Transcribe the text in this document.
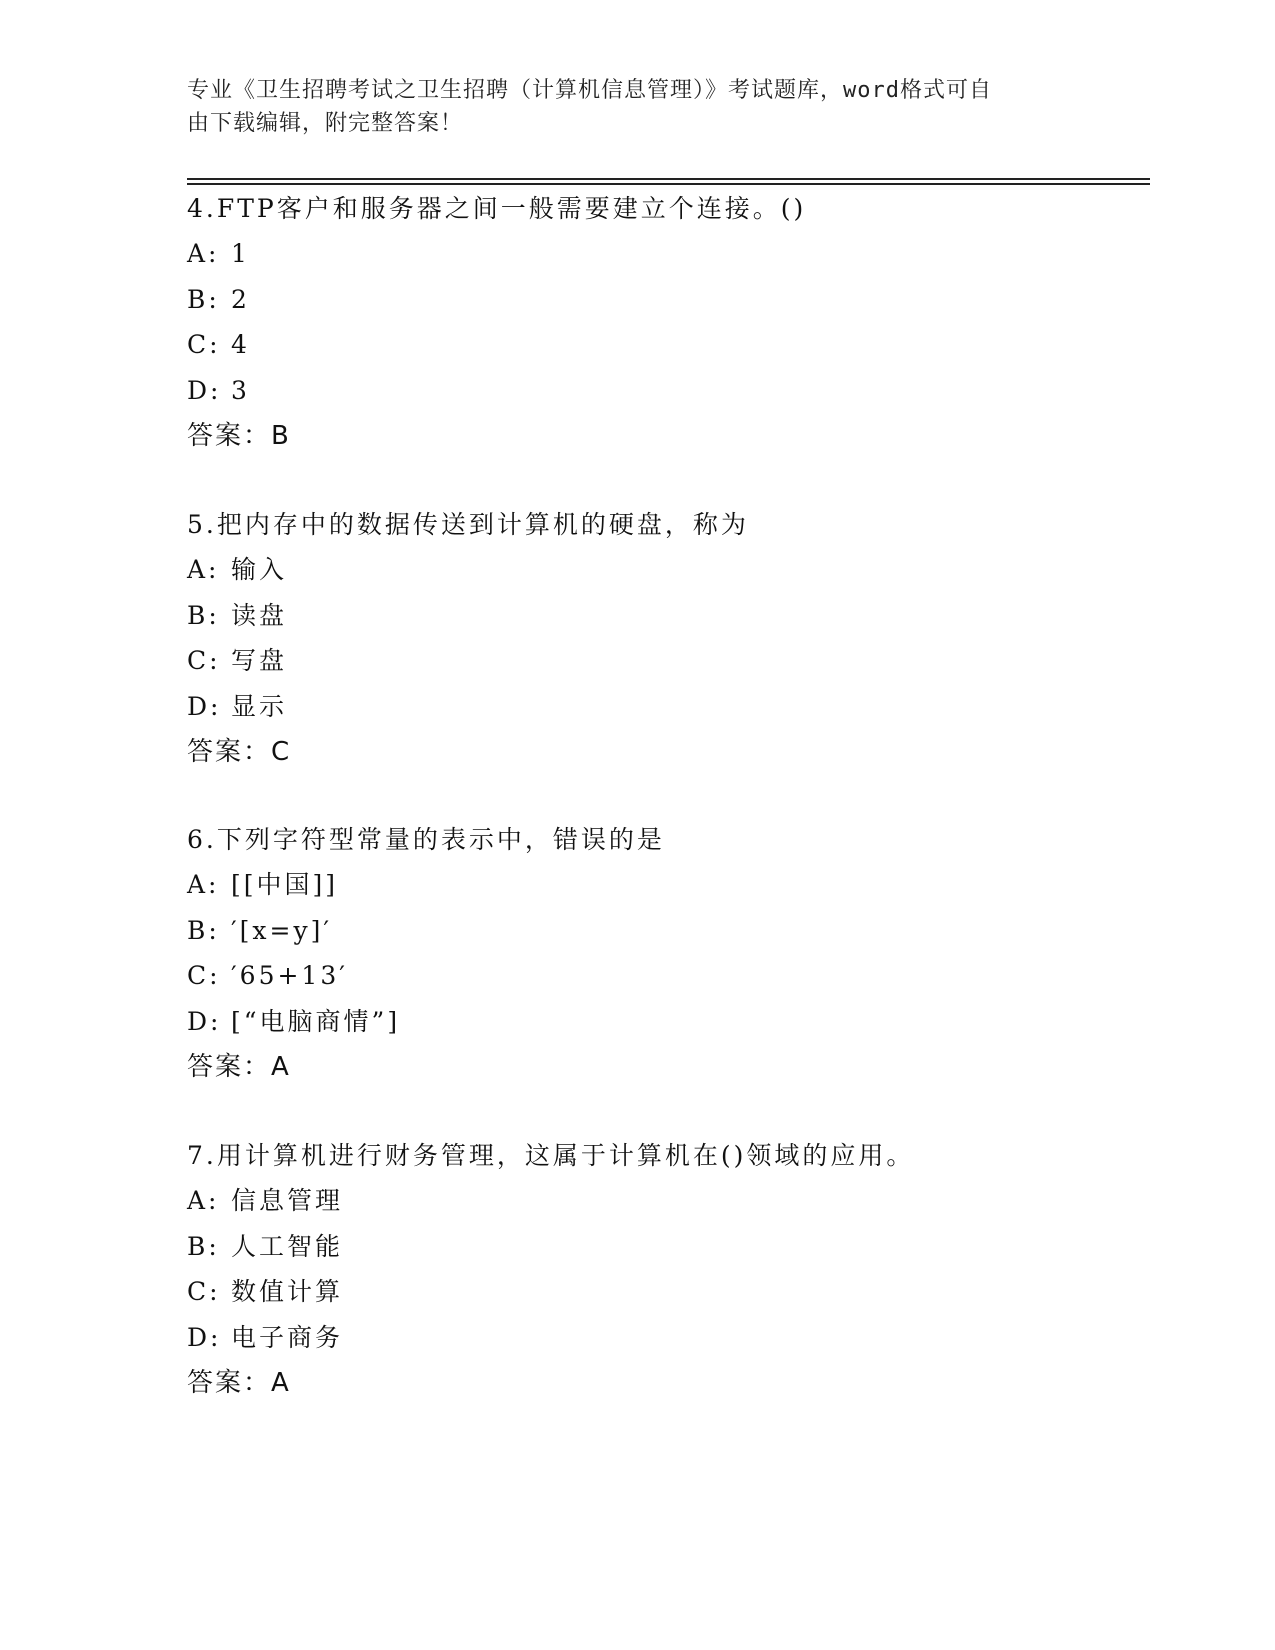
专业《卫生招聘考试之卫生招聘（计算机信息管理）》考试题库，word格式可自
由下载编辑，附完整答案！
4.FTP客户和服务器之间一般需要建立个连接。()
A: 1
B: 2
C: 4
D: 3
答案：B
5.把内存中的数据传送到计算机的硬盘，称为
A: 输入
B: 读盘
C: 写盘
D: 显示
答案：C
6.下列字符型常量的表示中，错误的是
A: [[中国]]
B: ′[x=y]′
C: ′65+13′
D: [“电脑商情”]
答案：A
7.用计算机进行财务管理，这属于计算机在()领域的应用。
A: 信息管理
B: 人工智能
C: 数值计算
D: 电子商务
答案：A
